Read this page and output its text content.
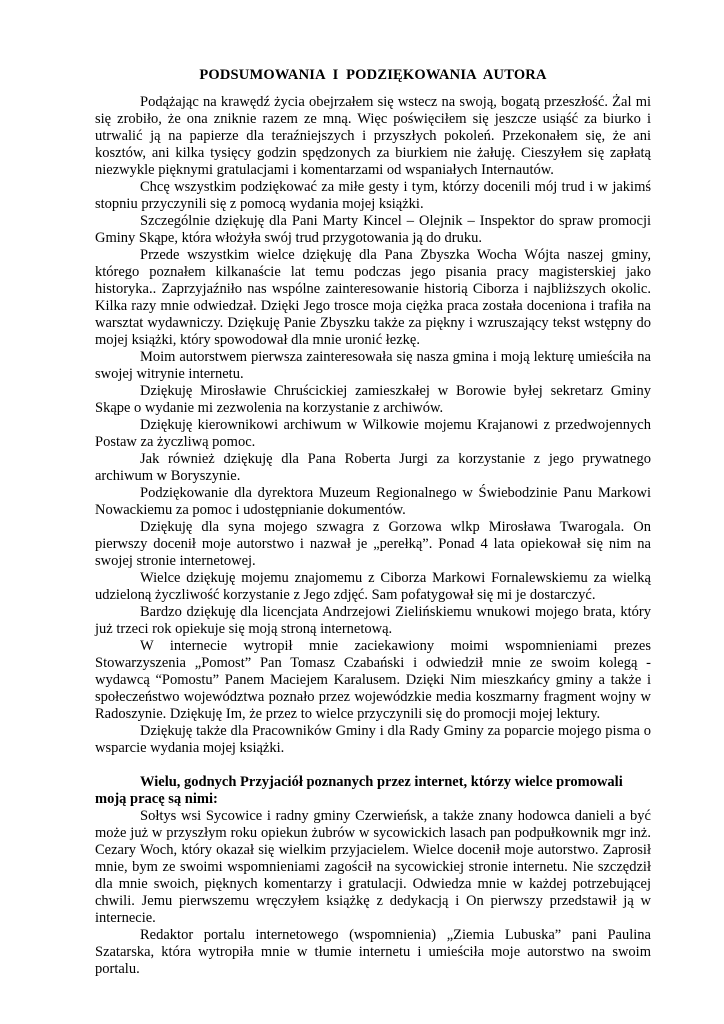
PODSUMOWANIA  I  PODZIĘKOWANIA  AUTORA

Podążając na krawędź życia obejrzałem się wstecz na swoją, bogatą przeszłość. Żal mi się zrobiło, że ona zniknie razem ze mną. Więc poświęciłem się jeszcze usiąść za biurko i utrwalić ją na papierze dla teraźniejszych i przyszłych pokoleń. Przekonałem się, że ani kosztów, ani kilka tysięcy godzin spędzonych za biurkiem nie żałuję. Cieszyłem się zapłatą niezwykle pięknymi gratulacjami i komentarzami od wspaniałych Internautów.

Chcę wszystkim podziękować za miłe gesty i tym, którzy docenili mój trud i w jakimś stopniu przyczynili się z pomocą wydania mojej książki.

Szczególnie dziękuję dla Pani Marty Kincel – Olejnik – Inspektor do spraw promocji Gminy Skąpe, która włożyła swój trud przygotowania ją do druku.

Przede wszystkim wielce dziękuję dla Pana Zbyszka Wocha Wójta naszej gminy, którego poznałem kilkanaście lat temu podczas jego pisania pracy magisterskiej jako historyka.. Zaprzyjaźniło nas wspólne zainteresowanie historią Ciborza i najbliższych okolic. Kilka razy mnie odwiedzał. Dzięki Jego trosce moja ciężka praca została doceniona i trafiła na warsztat wydawniczy. Dziękuję Panie Zbyszku także za piękny i wzruszający tekst wstępny do mojej książki, który spowodował dla mnie uronić łezkę.

Moim autorstwem pierwsza zainteresowała się nasza gmina i moją lekturę umieściła na swojej witrynie internetu.

Dziękuję Mirosławie Chruścickiej zamieszkałej w Borowie byłej sekretarz Gminy Skąpe o wydanie mi zezwolenia na korzystanie z archiwów.

Dziękuję kierownikowi archiwum w Wilkowie mojemu Krajanowi z przedwojennych Postaw za życzliwą pomoc.

Jak również dziękuję dla Pana Roberta Jurgi za korzystanie z jego prywatnego archiwum w Boryszynie.

Podziękowanie dla dyrektora Muzeum Regionalnego w Świebodzinie Panu Markowi Nowackiemu za pomoc i udostępnianie dokumentów.

Dziękuję dla syna mojego szwagra z Gorzowa wlkp Mirosława Twarogala. On pierwszy docenił moje autorstwo i nazwał je „perełką”. Ponad 4 lata opiekował się nim na swojej stronie internetowej.

Wielce dziękuję mojemu znajomemu z Ciborza Markowi Fornalewskiemu za wielką udzieloną życzliwość korzystanie z Jego zdjęć. Sam pofatygował się mi je dostarczyć.

Bardzo dziękuję dla licencjata Andrzejowi Zielińskiemu wnukowi mojego brata, który już trzeci rok opiekuje się moją stroną internetową.

W internecie wytropił mnie zaciekawiony moimi wspomnieniami prezes Stowarzyszenia „Pomost” Pan Tomasz Czabański i odwiedził mnie ze swoim kolegą - wydawcą “Pomostu” Panem Maciejem Karalusem. Dzięki Nim mieszkańcy gminy a także i społeczeństwo województwa poznało przez wojewódzkie media koszmarny fragment wojny w Radoszynie. Dziękuję Im, że przez to wielce przyczynili się do promocji mojej lektury.

Dziękuję także dla Pracowników Gminy i dla Rady Gminy za poparcie mojego pisma o wsparcie wydania mojej książki.

Wielu, godnych Przyjaciół poznanych przez internet, którzy wielce promowali moją pracę są nimi:

Sołtys wsi Sycowice i radny gminy Czerwieńsk, a także znany hodowca danieli a być może już w przyszłym roku opiekun żubrów w sycowickich lasach pan podpułkownik mgr inż. Cezary Woch, który okazał się wielkim przyjacielem. Wielce docenił moje autorstwo. Zaprosił mnie, bym ze swoimi wspomnieniami zagościł na sycowickiej stronie internetu. Nie szczędził dla mnie swoich, pięknych komentarzy i gratulacji. Odwiedza mnie w każdej potrzebującej chwili. Jemu pierwszemu wręczyłem książkę z dedykacją i On pierwszy przedstawił ją w internecie.

Redaktor portalu internetowego (wspomnienia) „Ziemia Lubuska” pani Paulina Szatarska, która wytropiła mnie w tłumie internetu i umieściła moje autorstwo na swoim portalu.
